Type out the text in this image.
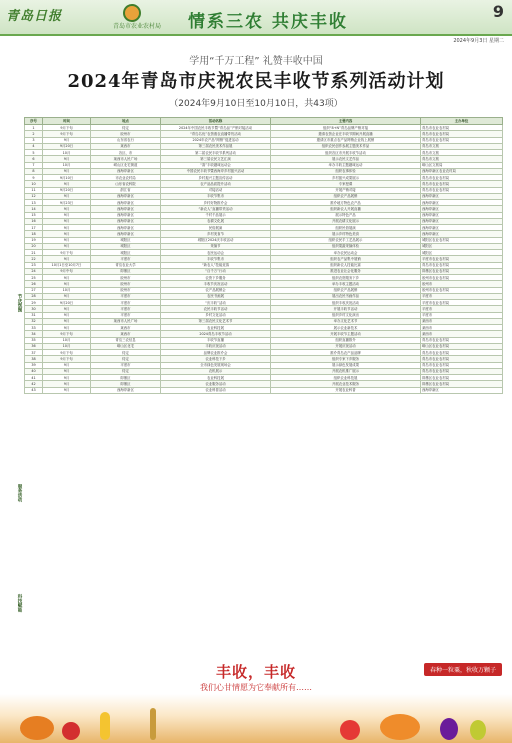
青岛日报
青岛市农业农村局 情系三农 共庆丰收
9
2024年9月3日 星期二
学用“千万工程” 礼赞丰收中国
2024年青岛市庆祝农民丰收节系列活动计划
（2024年9月10日至10月10日，共43项）
节庆氛围
服务活动
科技赋能
序号	时间	地点	活动名称	主要内容	主办单位
1	9月下旬	待定	2024年中国农民丰收节暨“青岛品”产销对接活动	组织“8+N”青岛品牌产销对接	青岛市农业农村局
2	9月下旬	胶州市	“青岛名优”农资惠农直播带货活动	邀请农资企业在丰收节期间开展直播	青岛市农业农村局
3	9月	山东省农行	2024年农产品“网销”促进活动	邀请区市重点农产品网销企业线上展销	青岛市农业农村局
4	9月20日	莱西市	第三届农民美术作品展	组织农民创作参展主题美术作品	青岛市文旅
5	10月	各区、市	第二届农民丰收节系列活动	组织各区市开展丰收节活动	青岛市文旅
6	9月	莱西市人民广场	第三届农民文艺汇演	展示农民文艺作品	青岛市文旅
7	10月	崂山区北宅街道	“赛”丰收趣味运动会	举办丰收主题趣味运动	崂山区文旅局
8	9月	西海岸新区	中国农民丰收节暨西海岸乡村振兴活动	组织农事体验	西海岸新区农业农村局
9	9月10日	市农业农村局	乡村振兴主题宣传活动	乡村振兴成果展示	青岛市农业农村局
10	9月	山东省农科院	农产品品质提升活动	专家授课	青岛市农业农村局
11	9月20日	浙江省	对接活动	开展产销对接	青岛市农业农村局
12	9月	西海岸新区	丰收节集市	组织农产品展销	西海岸新区
13	9月23日	西海岸新区	乡村好物推介会	推介地方特色农产品	西海岸新区
14	9月	西海岸新区	“新农人”直播带货活动	组织新农人开展直播	西海岸新区
15	9月	西海岸新区	千村千品展示	展示特色产品	西海岸新区
16	9月	西海岸新区	农耕文化展	开展农耕文化展示	西海岸新区
17	9月	西海岸新区	民俗展演	组织民俗展演	西海岸新区
18	9月	西海岸新区	乡村美食节	展示乡村特色美食	西海岸新区
19	9月	城阳区	城阳区2024庆丰收活动	组织农民手工艺品展示	城阳区农业农村局
20	9月	城阳区	采摘节	组织果蔬采摘体验	城阳区
21	9月下旬	城阳区	农民运动会	举办农民运动会	城阳区
22	9月	平度市	丰收节集市	组织农产品集中展销	平度市农业农村局
23	10月1日至10月7日	青岛农业大学	“新农人”技能竞赛	组织新农人技能比赛	青岛市农业农村局
24	9月中旬	即墨区	“百千万”行动	推进农业社会化服务	即墨区农业农村局
25	9月	胶州市	农资下乡服务	组织农资服务下乡	胶州市农业农村局
26	9月	胶州市	丰收节庆祝活动	举办丰收主题活动	胶州市
27	10月	胶州市	农产品展销会	组织农产品展销	胶州市农业农村局
28	9月	平度市	农民书画展	展出农民书画作品	平度市
29	9月20日	平度市	“庆丰收”活动	组织丰收庆祝活动	平度市农业农村局
30	9月	平度市	农民丰收节活动	开展丰收节活动	平度市
31	9月	平度市	乡村文化活动	组织乡村文化演出	平度市
32	9月	莱西市人民广场	第三届农民文化艺术节	举办文化艺术节	莱西市
33	9月	莱西市	农业科技展	展示农业新技术	莱西市
34	9月下旬	莱西市	2024青岛丰收节活动	开展丰收节主题活动	莱西市
35	10月	青岛三农信息	丰收节直播	组织直播推介	青岛市农业农村局
36	10月	崂山区北宅	丰收庆祝活动	开展庆祝活动	崂山区农业农村局
37	9月下旬	待定	品牌农业推介会	推介青岛农产品品牌	青岛市农业农村局
38	9月下旬	待定	农业科技下乡	组织专家下乡服务	青岛市农业农村局
39	9月	平度市	全市绿色发展现场会	展示绿色发展成果	青岛市农业农村局
40	9月	待定	农机展示	开展农机推广展示	青岛市农业农村局
41	9月	即墨区	农业科技展	组织农业科技展	即墨区农业农村局
42	9月	即墨区	农业服务活动	开展农业技术服务	即墨区农业农村局
43	9月	西海岸新区	农业科普活动	开展农业科普	西海岸新区
丰收，丰收
我们心甘情愿为它奉献所有……
春种一粒粟，秋收万颗子
